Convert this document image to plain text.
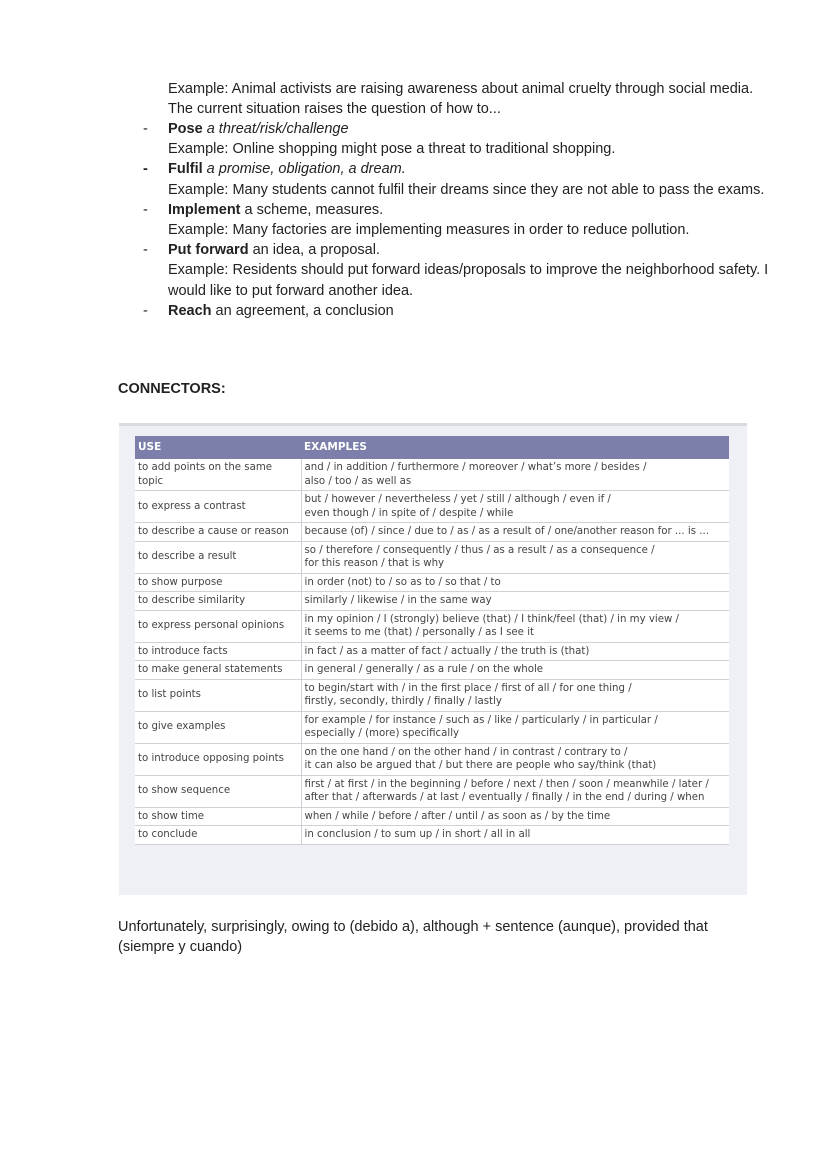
Example: Animal activists are raising awareness about animal cruelty through social media. The current situation raises the question of how to...
- Pose a threat/risk/challenge
Example: Online shopping might pose a threat to traditional shopping.
- Fulfil a promise, obligation, a dream.
Example: Many students cannot fulfil their dreams since they are not able to pass the exams.
- Implement a scheme, measures.
Example: Many factories are implementing measures in order to reduce pollution.
- Put forward an idea, a proposal.
Example: Residents should put forward ideas/proposals to improve the neighborhood safety. I would like to put forward another idea.
- Reach an agreement, a conclusion
CONNECTORS:
USE	EXAMPLES
to add points on the same topic	and / in addition / furthermore / moreover / what’s more / besides /
also / too / as well as

to express a contrast	but / however / nevertheless / yet / still / although / even if /
even though / in spite of / despite / while

to describe a cause or reason	because (of) / since / due to / as / as a result of / one/another reason for ... is ...

to describe a result	so / therefore / consequently / thus / as a result / as a consequence /
for this reason / that is why

to show purpose	in order (not) to / so as to / so that / to

to describe similarity	similarly / likewise / in the same way

to express personal opinions	in my opinion / I (strongly) believe (that) / I think/feel (that) / in my view /
it seems to me (that) / personally / as I see it

to introduce facts	in fact / as a matter of fact / actually / the truth is (that)

to make general statements	in general / generally / as a rule / on the whole

to list points	to begin/start with / in the first place / first of all / for one thing /
firstly, secondly, thirdly / finally / lastly

to give examples	for example / for instance / such as / like / particularly / in particular /
especially / (more) specifically

to introduce opposing points	on the one hand / on the other hand / in contrast / contrary to /
it can also be argued that / but there are people who say/think (that)

to show sequence	first / at first / in the beginning / before / next / then / soon / meanwhile / later /
after that / afterwards / at last / eventually / finally / in the end / during / when

to show time	when / while / before / after / until / as soon as / by the time

to conclude	in conclusion / to sum up / in short / all in all
Unfortunately, surprisingly, owing to (debido a), although + sentence (aunque), provided that (siempre y cuando)
